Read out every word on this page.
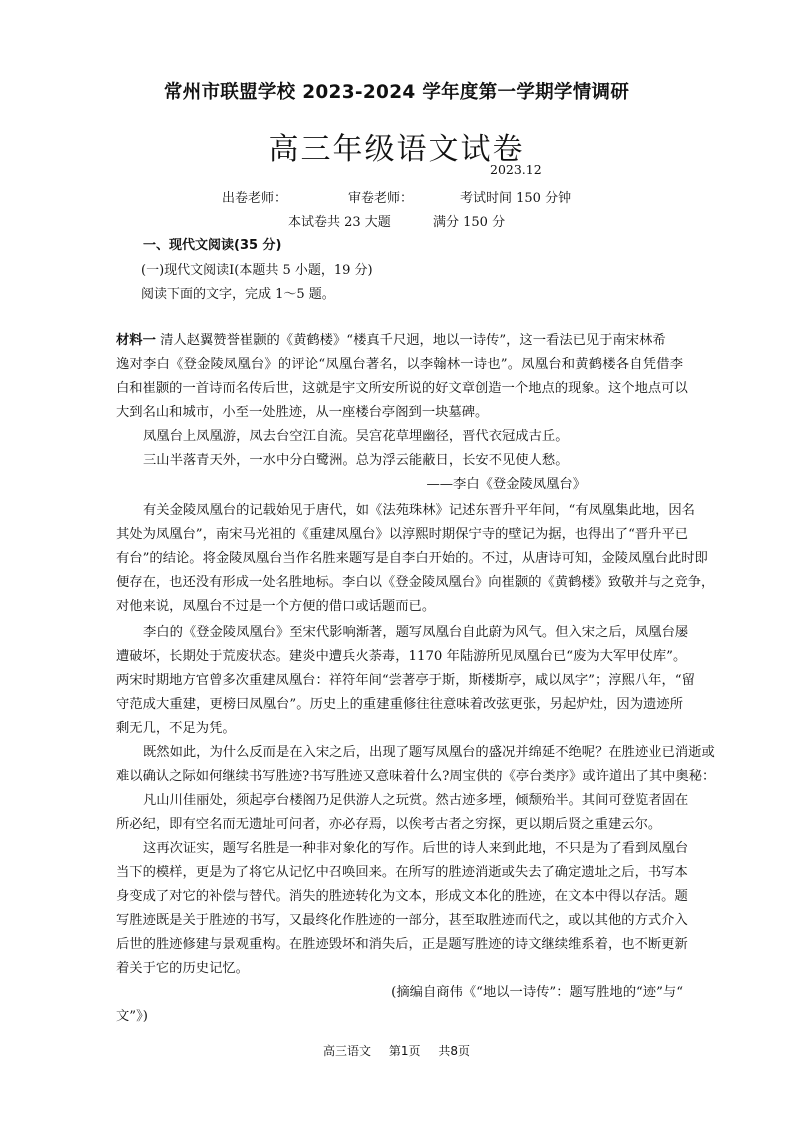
常州市联盟学校 2023-2024 学年度第一学期学情调研
高三年级语文试卷
2023.12
出卷老师：	审卷老师：	考试时间 150 分钟
本试卷共 23 大题	满分 150 分
一、现代文阅读(35 分)
(一)现代文阅读Ⅰ(本题共 5 小题，19 分)
阅读下面的文字，完成 1～5 题。
材料一 清人赵翼赞誉崔颢的《黄鹤楼》“楼真千尺迥，地以一诗传”，这一看法已见于南宋林希
逸对李白《登金陵凤凰台》的评论“凤凰台著名，以李翰林一诗也”。凤凰台和黄鹤楼各自凭借李
白和崔颢的一首诗而名传后世，这就是宇文所安所说的好文章创造一个地点的现象。这个地点可以
大到名山和城市，小至一处胜迹，从一座楼台亭阁到一块墓碑。
凤凰台上凤凰游，凤去台空江自流。吴宫花草埋幽径，晋代衣冠成古丘。
三山半落青天外，一水中分白鹭洲。总为浮云能蔽日，长安不见使人愁。
——李白《登金陵凤凰台》
有关金陵凤凰台的记载始见于唐代，如《法苑珠林》记述东晋升平年间，“有凤凰集此地，因名
其处为凤凰台”，南宋马光祖的《重建凤凰台》以淳熙时期保宁寺的壁记为据，也得出了“晋升平已
有台”的结论。将金陵凤凰台当作名胜来题写是自李白开始的。不过，从唐诗可知，金陵凤凰台此时即
便存在，也还没有形成一处名胜地标。李白以《登金陵凤凰台》向崔颢的《黄鹤楼》致敬并与之竞争，
对他来说，凤凰台不过是一个方便的借口或话题而已。
李白的《登金陵凤凰台》至宋代影响渐著，题写凤凰台自此蔚为风气。但入宋之后，凤凰台屡
遭破坏，长期处于荒废状态。建炎中遭兵火荼毒，1170 年陆游所见凤凰台已“废为大军甲仗库”。
两宋时期地方官曾多次重建凤凰台：祥符年间“尝著亭于斯，斯楼斯亭，咸以凤字”；淳熙八年，“留
守范成大重建，更榜曰凤凰台”。历史上的重建重修往往意味着改弦更张，另起炉灶，因为遗迹所
剩无几，不足为凭。
既然如此，为什么反而是在入宋之后，出现了题写凤凰台的盛况并绵延不绝呢？在胜迹业已消逝或
难以确认之际如何继续书写胜迹?书写胜迹又意味着什么?周宝供的《亭台类序》或许道出了其中奥秘：
凡山川佳丽处，须起亭台楼阁乃足供游人之玩赏。然古迹多堙，倾颓殆半。其间可登览者固在
所必纪，即有空名而无遗址可问者，亦必存焉，以俟考古者之穷探，更以期后贤之重建云尔。
这再次证实，题写名胜是一种非对象化的写作。后世的诗人来到此地，不只是为了看到凤凰台
当下的模样，更是为了将它从记忆中召唤回来。在所写的胜迹消逝或失去了确定遗址之后，书写本
身变成了对它的补偿与替代。消失的胜迹转化为文本，形成文本化的胜迹，在文本中得以存活。题
写胜迹既是关于胜迹的书写，又最终化作胜迹的一部分，甚至取胜迹而代之，或以其他的方式介入
后世的胜迹修建与景观重构。在胜迹毁坏和消失后，正是题写胜迹的诗文继续维系着，也不断更新
着关于它的历史记忆。
(摘编自商伟《“地以一诗传”：题写胜地的“迹”与“
文”》)
高三语文 第1页 共8页
